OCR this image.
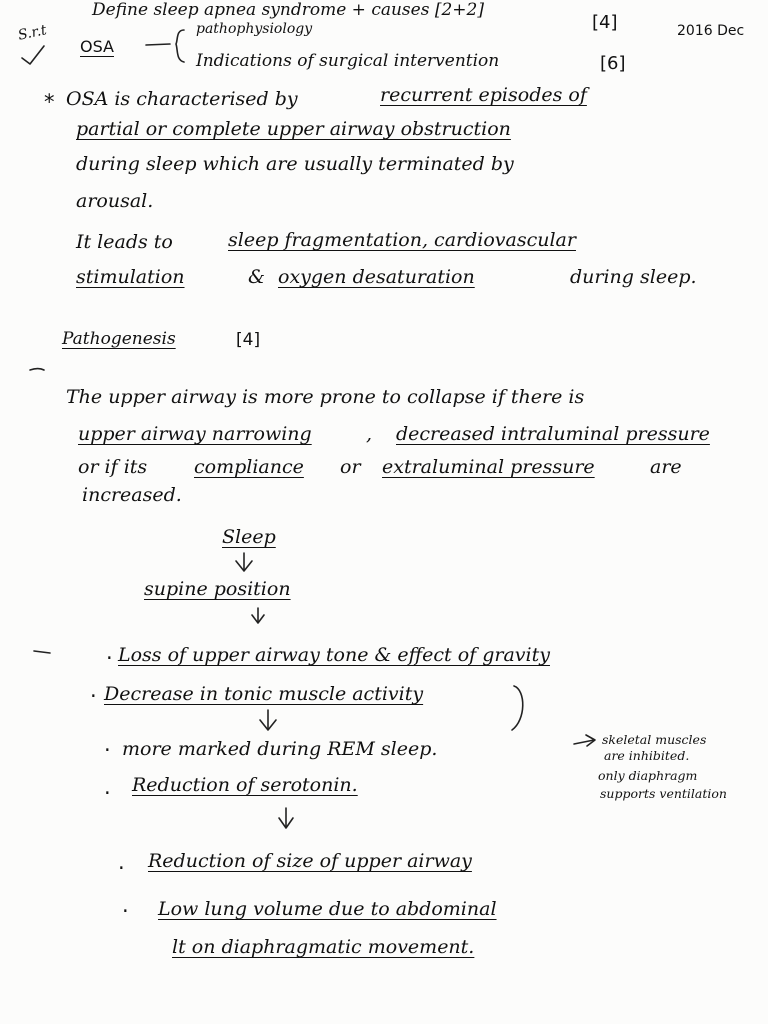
S.r.t
Define sleep apnea syndrome + causes [2+2]
[4]	2016 Dec
OSA
pathophysiology
Indications of surgical intervention	[6]
* OSA is characterised by	recurrent episodes of
partial or complete upper airway obstruction
during sleep which are usually terminated by
arousal.
It leads to	sleep fragmentation, cardiovascular
stimulation	& oxygen desaturation	during sleep.
Pathogenesis	[4]
The upper airway is more prone to collapse if there is
upper airway narrowing	, decreased intraluminal pressure
or if its compliance or extraluminal pressure	are
increased.
Sleep
supine position
. Loss of upper airway tone & effect of gravity
. Decrease in tonic muscle activity
. more marked during REM sleep.
. Reduction of serotonin.
skeletal muscles
are inhibited.
only diaphragm
supports ventilation
. Reduction of size of upper airway
. Low lung volume due to abdominal
lt on diaphragmatic movement.
